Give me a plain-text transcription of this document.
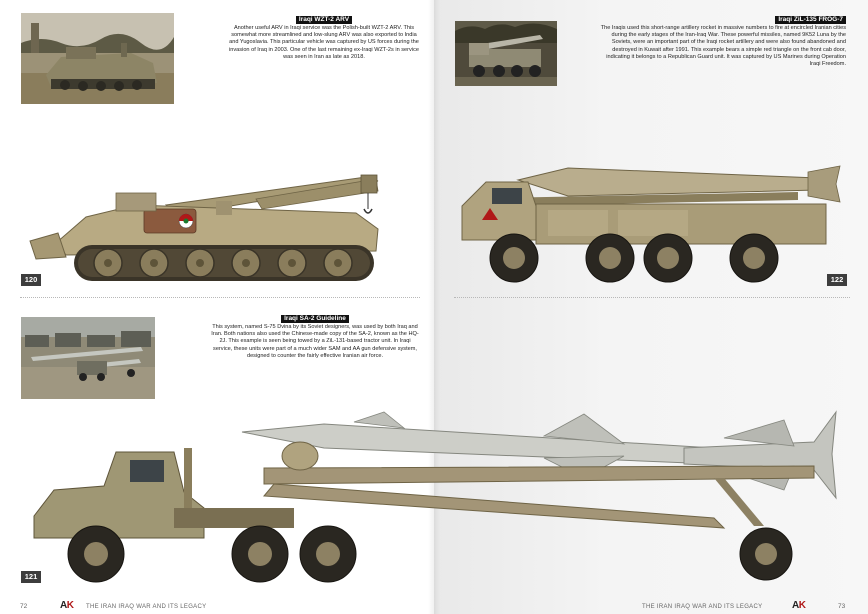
Iraqi WZT-2 ARV
Another useful ARV in Iraqi service was the Polish-built WZT-2 ARV. This somewhat more streamlined and low-slung ARV was also exported to India and Yugoslavia. This particular vehicle was captured by US forces during the invasion of Iraq in 2003. One of the last remaining ex-Iraqi WZT-2s in service was seen in Iran as late as 2018.
Iraqi ZiL-135 FROG-7
The Iraqis used this short-range artillery rocket in massive numbers to fire at encircled Iranian cities during the early stages of the Iran-Iraq War. These powerful missiles, named 9K52 Luna by the Soviets, were an important part of the Iraqi rocket artillery and were also found abandoned and destroyed in Kuwait after 1991. This example bears a simple red triangle on the front cab door, indicating it belongs to a Republican Guard unit. It was captured by US Marines during Operation Iraqi Freedom.
120	122
Iraqi SA-2 Guideline
This system, named S-75 Dvina by its Soviet designers, was used by both Iraq and Iran. Both nations also used the Chinese-made copy of the SA-2, known as the HQ-2J. This example is seen being towed by a ZiL-131-based tractor unit. In Iraqi service, these units were part of a much wider SAM and AA gun defensive system, designed to counter the fairly effective Iranian air force.
121
72	AK THE IRAN IRAQ WAR AND ITS LEGACY	THE IRAN IRAQ WAR AND ITS LEGACY	AK	73
